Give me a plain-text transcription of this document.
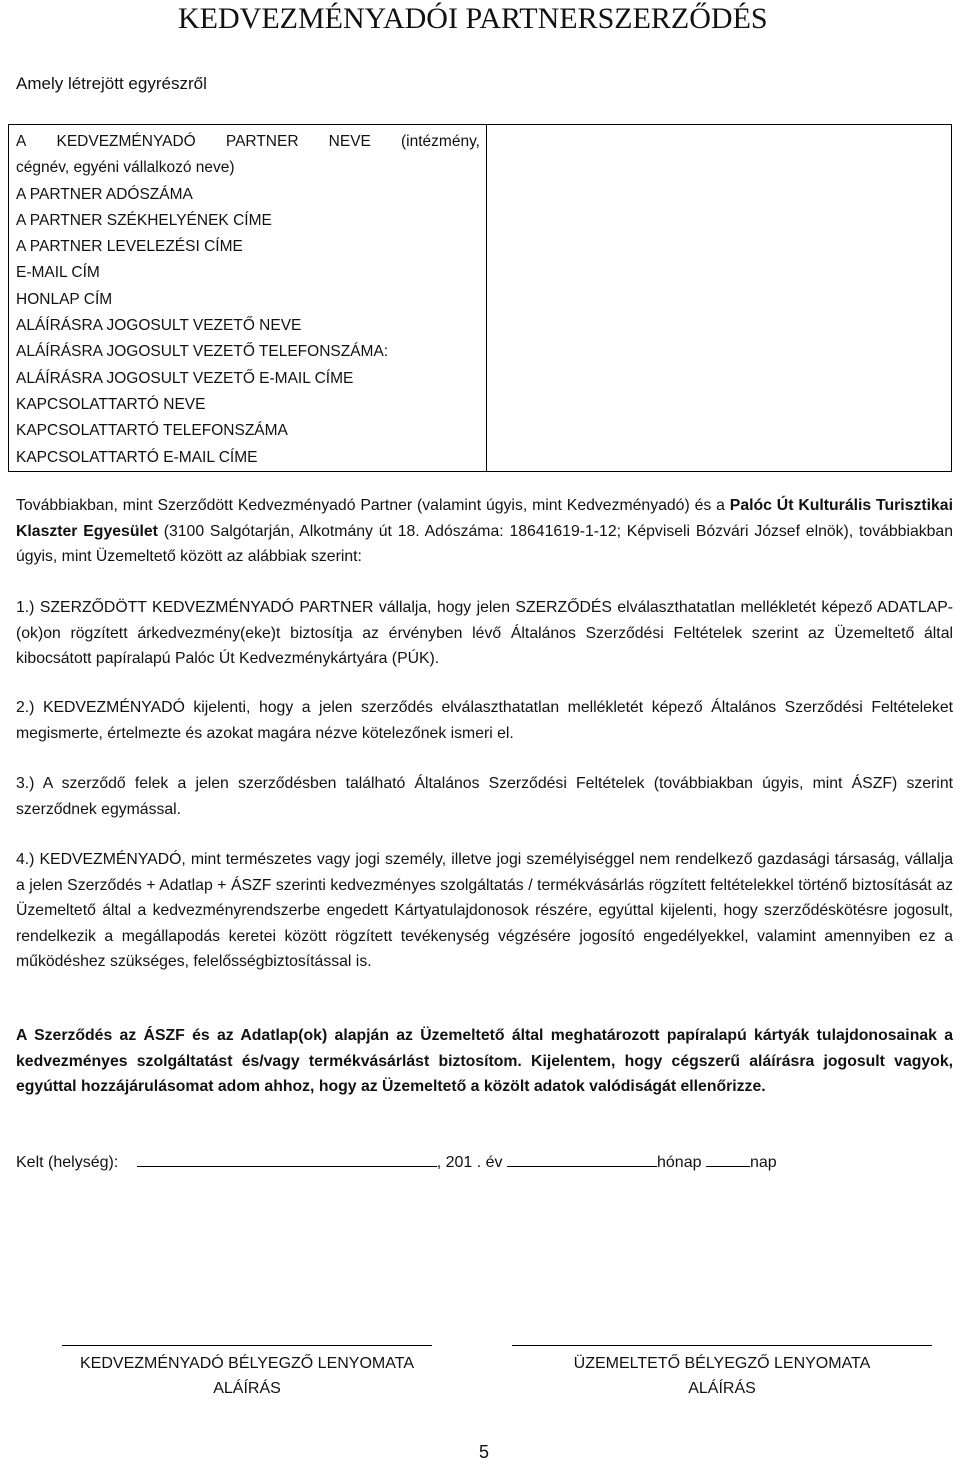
KEDVEZMÉNYADÓI PARTNERSZERZŐDÉS
Amely létrejött egyrészről
A KEDVEZMÉNYADÓ PARTNER NEVE (intézmény,
cégnév, egyéni vállalkozó neve)
A PARTNER ADÓSZÁMA
A PARTNER SZÉKHELYÉNEK CÍME
A PARTNER LEVELEZÉSI CÍME
E-MAIL CÍM
HONLAP CÍM
ALÁÍRÁSRA JOGOSULT VEZETŐ NEVE
ALÁÍRÁSRA JOGOSULT VEZETŐ TELEFONSZÁMA:
ALÁÍRÁSRA JOGOSULT VEZETŐ E-MAIL CÍME
KAPCSOLATTARTÓ NEVE
KAPCSOLATTARTÓ TELEFONSZÁMA
KAPCSOLATTARTÓ E-MAIL CÍME

Továbbiakban, mint Szerződött Kedvezményadó Partner (valamint úgyis, mint Kedvezményadó) és a Palóc Út Kulturális Turisztikai Klaszter Egyesület (3100 Salgótarján, Alkotmány út 18. Adószáma: 18641619-1-12; Képviseli Bózvári József elnök), továbbiakban úgyis, mint Üzemeltető között az alábbiak szerint:
1.) SZERZŐDÖTT KEDVEZMÉNYADÓ PARTNER vállalja, hogy jelen SZERZŐDÉS elválaszthatatlan mellékletét képező ADATLAP-(ok)on rögzített árkedvezmény(eke)t biztosítja az érvényben lévő Általános Szerződési Feltételek szerint az Üzemeltető által kibocsátott papíralapú Palóc Út Kedvezménykártyára (PÚK).
2.) KEDVEZMÉNYADÓ kijelenti, hogy a jelen szerződés elválaszthatatlan mellékletét képező Általános Szerződési Feltételeket megismerte, értelmezte és azokat magára nézve kötelezőnek ismeri el.
3.) A szerződő felek a jelen szerződésben található Általános Szerződési Feltételek (továbbiakban úgyis, mint ÁSZF) szerint szerződnek egymással.
4.) KEDVEZMÉNYADÓ, mint természetes vagy jogi személy, illetve jogi személyiséggel nem rendelkező gazdasági társaság, vállalja a jelen Szerződés + Adatlap + ÁSZF szerinti kedvezményes szolgáltatás / termékvásárlás rögzített feltételekkel történő biztosítását az Üzemeltető által a kedvezményrendszerbe engedett Kártyatulajdonosok részére, egyúttal kijelenti, hogy szerződéskötésre jogosult, rendelkezik a megállapodás keretei között rögzített tevékenység végzésére jogosító engedélyekkel, valamint amennyiben ez a működéshez szükséges, felelősségbiztosítással is.
A Szerződés az ÁSZF és az Adatlap(ok) alapján az Üzemeltető által meghatározott papíralapú kártyák tulajdonosainak a kedvezményes szolgáltatást és/vagy termékvásárlást biztosítom. Kijelentem, hogy cégszerű aláírásra jogosult vagyok, egyúttal hozzájárulásomat adom ahhoz, hogy az Üzemeltető a közölt adatok valódiságát ellenőrizze.
Kelt (helység):	, 201 . év	hónap	nap
KEDVEZMÉNYADÓ BÉLYEGZŐ LENYOMATA
ALÁÍRÁS
ÜZEMELTETŐ BÉLYEGZŐ LENYOMATA
ALÁÍRÁS
5
